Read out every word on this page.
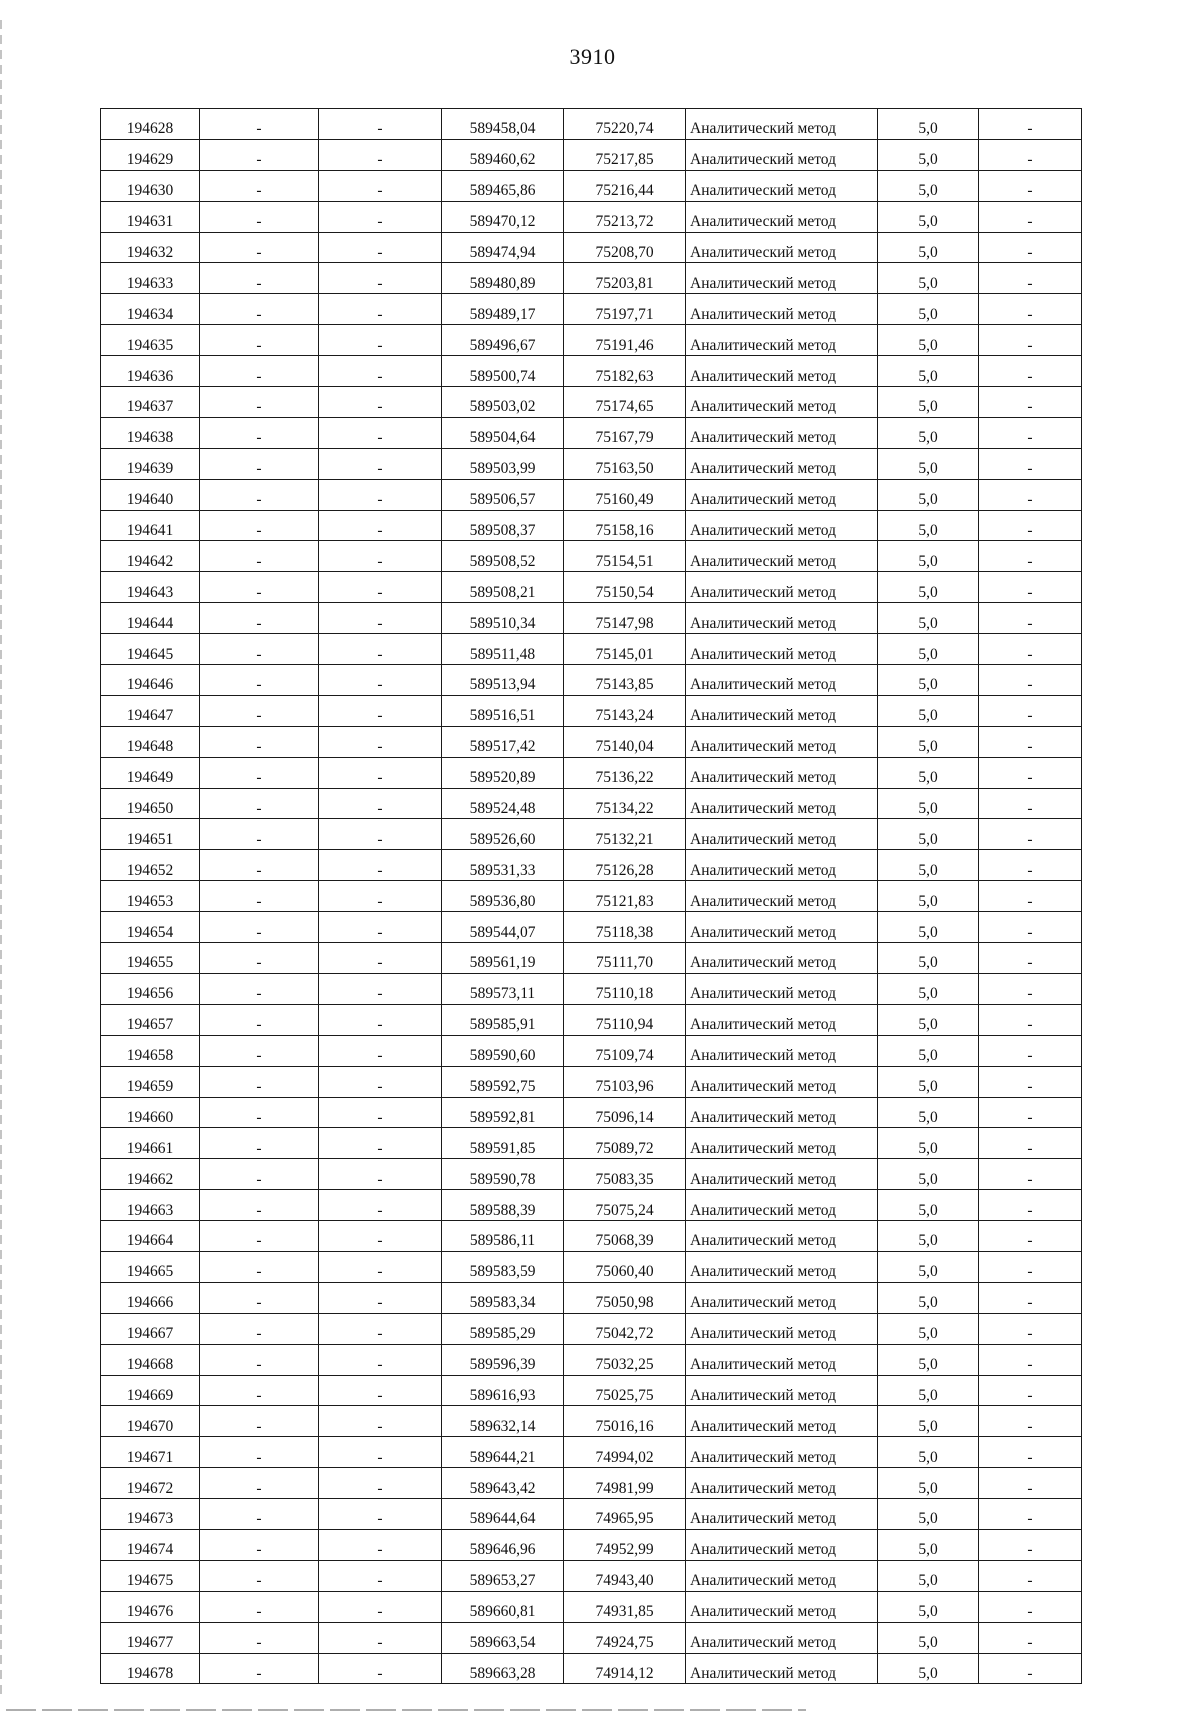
3910
194628	-	-	589458,04	75220,74	Аналитический метод	5,0	-
194629	-	-	589460,62	75217,85	Аналитический метод	5,0	-
194630	-	-	589465,86	75216,44	Аналитический метод	5,0	-
194631	-	-	589470,12	75213,72	Аналитический метод	5,0	-
194632	-	-	589474,94	75208,70	Аналитический метод	5,0	-
194633	-	-	589480,89	75203,81	Аналитический метод	5,0	-
194634	-	-	589489,17	75197,71	Аналитический метод	5,0	-
194635	-	-	589496,67	75191,46	Аналитический метод	5,0	-
194636	-	-	589500,74	75182,63	Аналитический метод	5,0	-
194637	-	-	589503,02	75174,65	Аналитический метод	5,0	-
194638	-	-	589504,64	75167,79	Аналитический метод	5,0	-
194639	-	-	589503,99	75163,50	Аналитический метод	5,0	-
194640	-	-	589506,57	75160,49	Аналитический метод	5,0	-
194641	-	-	589508,37	75158,16	Аналитический метод	5,0	-
194642	-	-	589508,52	75154,51	Аналитический метод	5,0	-
194643	-	-	589508,21	75150,54	Аналитический метод	5,0	-
194644	-	-	589510,34	75147,98	Аналитический метод	5,0	-
194645	-	-	589511,48	75145,01	Аналитический метод	5,0	-
194646	-	-	589513,94	75143,85	Аналитический метод	5,0	-
194647	-	-	589516,51	75143,24	Аналитический метод	5,0	-
194648	-	-	589517,42	75140,04	Аналитический метод	5,0	-
194649	-	-	589520,89	75136,22	Аналитический метод	5,0	-
194650	-	-	589524,48	75134,22	Аналитический метод	5,0	-
194651	-	-	589526,60	75132,21	Аналитический метод	5,0	-
194652	-	-	589531,33	75126,28	Аналитический метод	5,0	-
194653	-	-	589536,80	75121,83	Аналитический метод	5,0	-
194654	-	-	589544,07	75118,38	Аналитический метод	5,0	-
194655	-	-	589561,19	75111,70	Аналитический метод	5,0	-
194656	-	-	589573,11	75110,18	Аналитический метод	5,0	-
194657	-	-	589585,91	75110,94	Аналитический метод	5,0	-
194658	-	-	589590,60	75109,74	Аналитический метод	5,0	-
194659	-	-	589592,75	75103,96	Аналитический метод	5,0	-
194660	-	-	589592,81	75096,14	Аналитический метод	5,0	-
194661	-	-	589591,85	75089,72	Аналитический метод	5,0	-
194662	-	-	589590,78	75083,35	Аналитический метод	5,0	-
194663	-	-	589588,39	75075,24	Аналитический метод	5,0	-
194664	-	-	589586,11	75068,39	Аналитический метод	5,0	-
194665	-	-	589583,59	75060,40	Аналитический метод	5,0	-
194666	-	-	589583,34	75050,98	Аналитический метод	5,0	-
194667	-	-	589585,29	75042,72	Аналитический метод	5,0	-
194668	-	-	589596,39	75032,25	Аналитический метод	5,0	-
194669	-	-	589616,93	75025,75	Аналитический метод	5,0	-
194670	-	-	589632,14	75016,16	Аналитический метод	5,0	-
194671	-	-	589644,21	74994,02	Аналитический метод	5,0	-
194672	-	-	589643,42	74981,99	Аналитический метод	5,0	-
194673	-	-	589644,64	74965,95	Аналитический метод	5,0	-
194674	-	-	589646,96	74952,99	Аналитический метод	5,0	-
194675	-	-	589653,27	74943,40	Аналитический метод	5,0	-
194676	-	-	589660,81	74931,85	Аналитический метод	5,0	-
194677	-	-	589663,54	74924,75	Аналитический метод	5,0	-
194678	-	-	589663,28	74914,12	Аналитический метод	5,0	-
